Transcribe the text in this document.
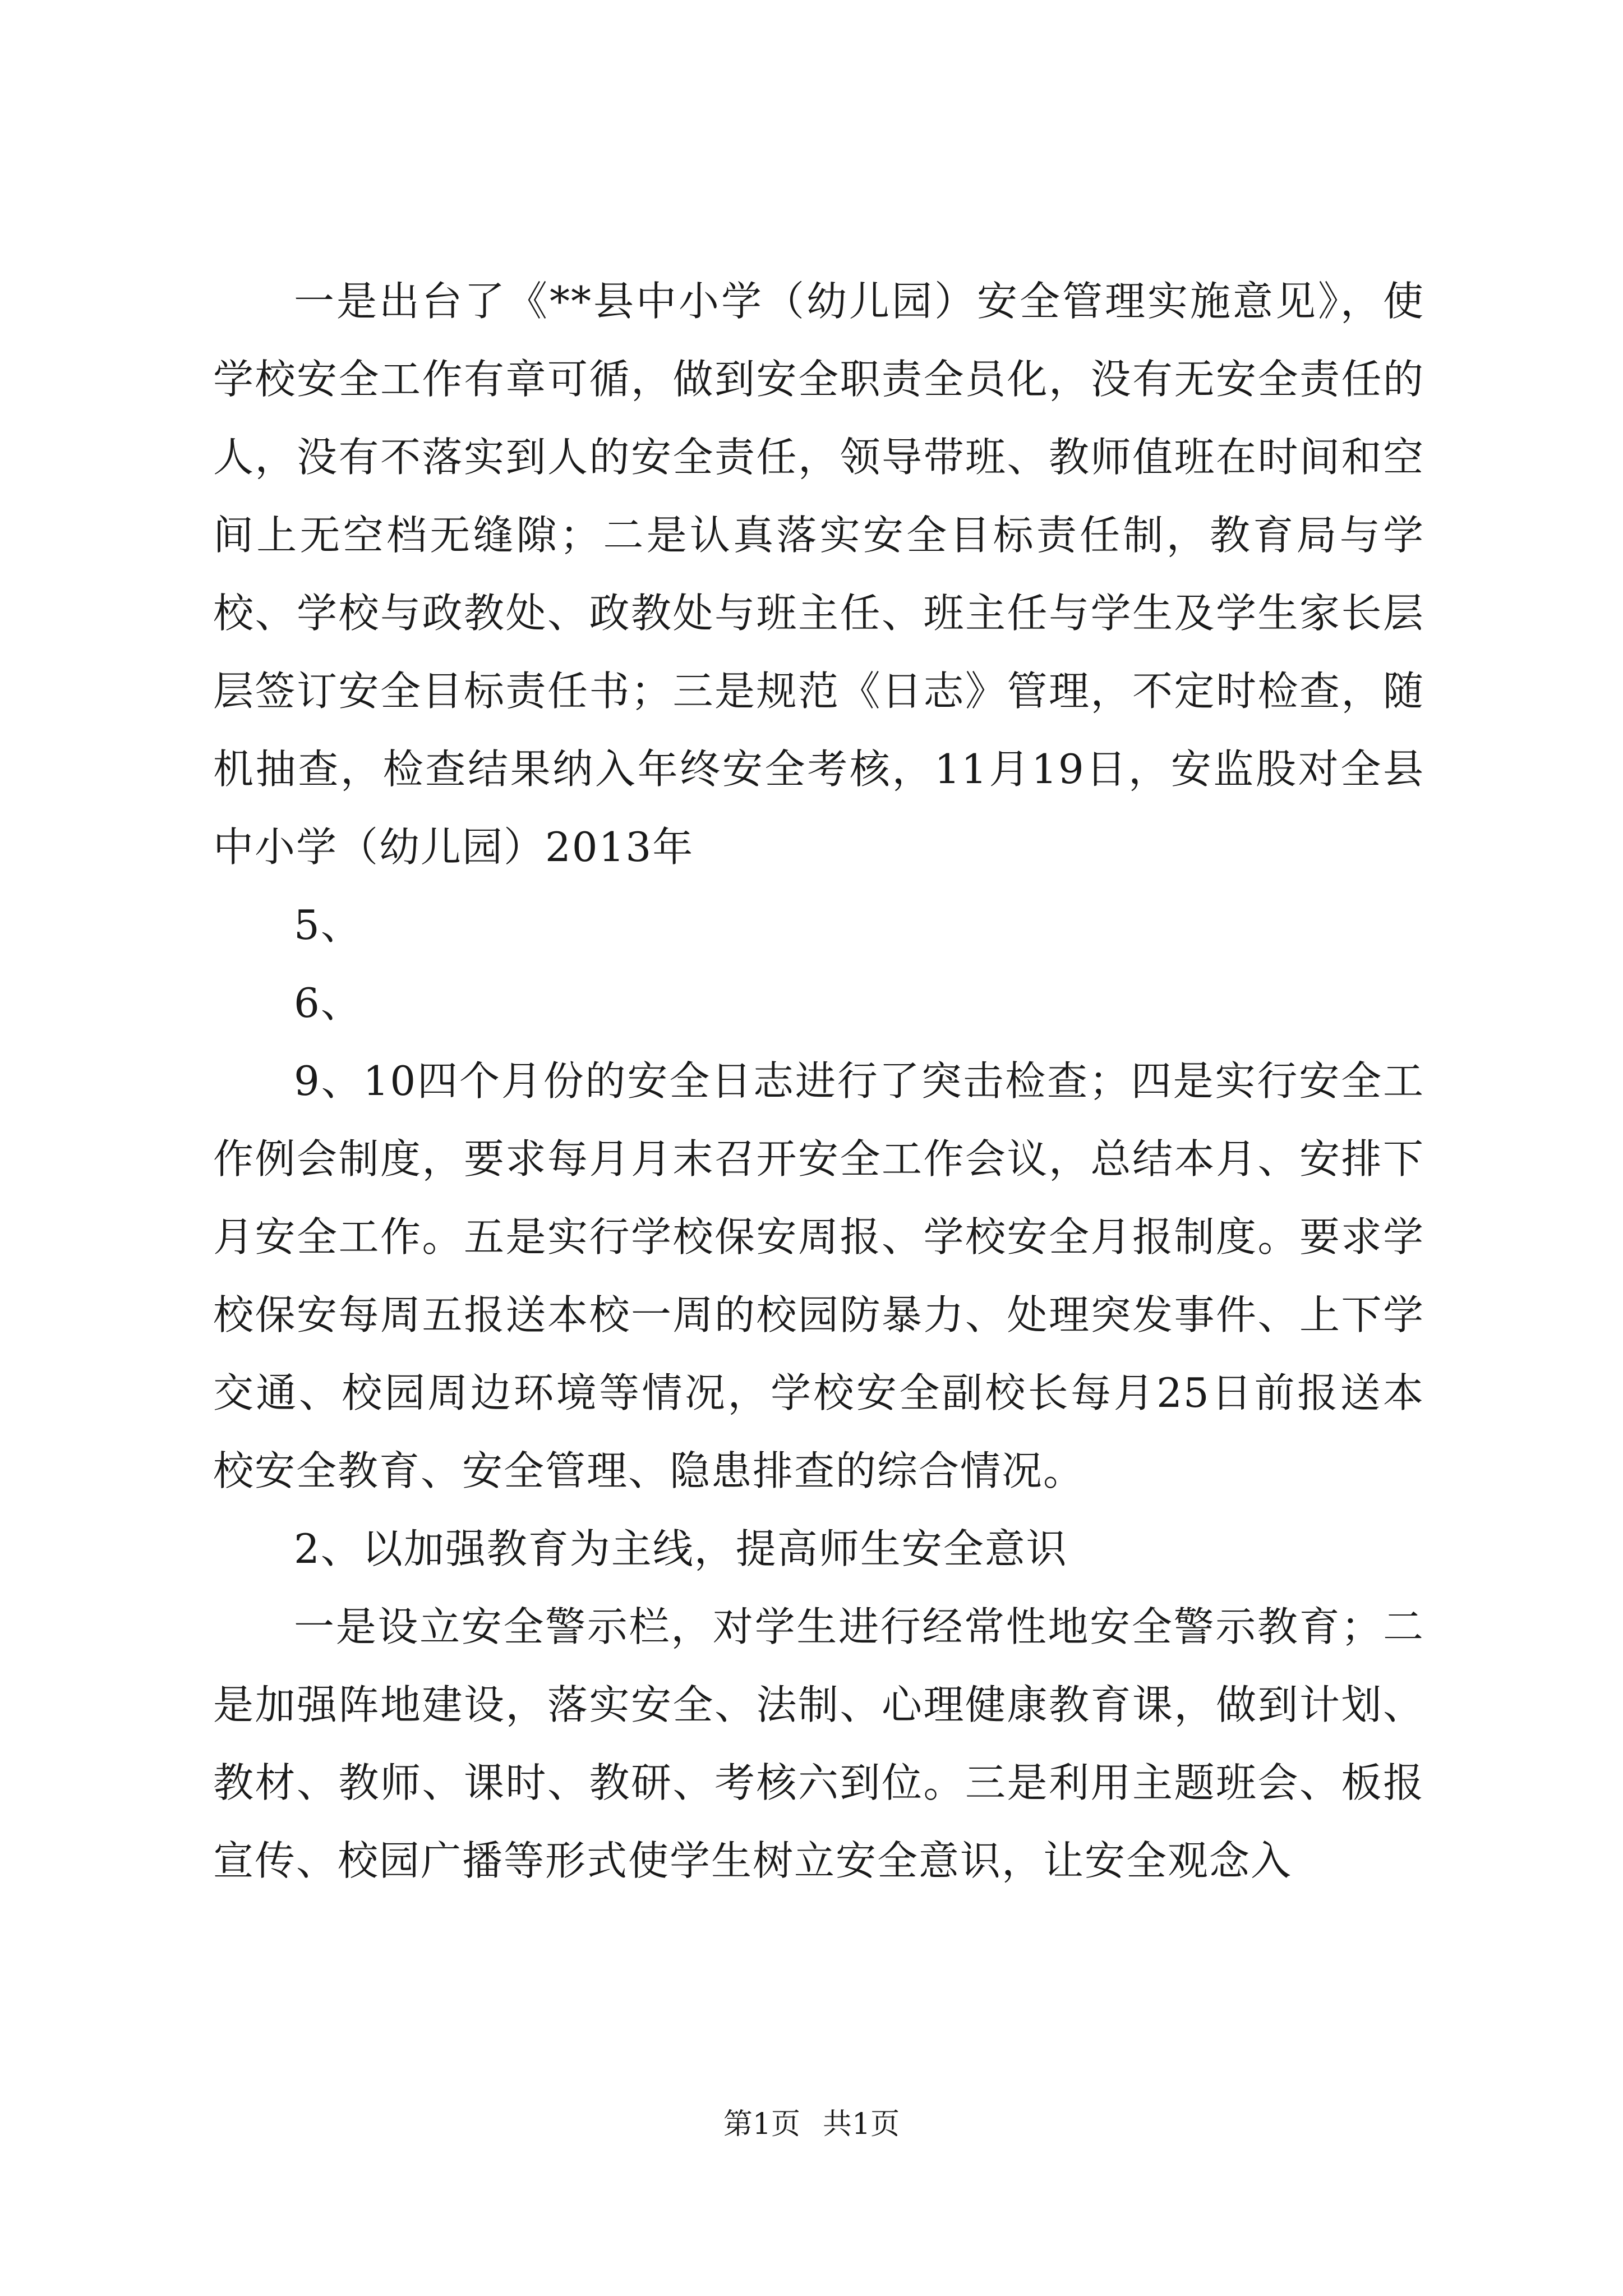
一是出台了《**县中小学（幼儿园）安全管理实施意见》，使学校安全工作有章可循，做到安全职责全员化，没有无安全责任的人，没有不落实到人的安全责任，领导带班、教师值班在时间和空间上无空档无缝隙；二是认真落实安全目标责任制，教育局与学校、学校与政教处、政教处与班主任、班主任与学生及学生家长层层签订安全目标责任书；三是规范《日志》管理，不定时检查，随机抽查，检查结果纳入年终安全考核，11月19日，安监股对全县中小学（幼儿园）2013年

5、

6、

9、10四个月份的安全日志进行了突击检查；四是实行安全工作例会制度，要求每月月末召开安全工作会议，总结本月、安排下月安全工作。五是实行学校保安周报、学校安全月报制度。要求学校保安每周五报送本校一周的校园防暴力、处理突发事件、上下学交通、校园周边环境等情况，学校安全副校长每月25日前报送本校安全教育、安全管理、隐患排查的综合情况。

2、以加强教育为主线，提高师生安全意识

一是设立安全警示栏，对学生进行经常性地安全警示教育；二是加强阵地建设，落实安全、法制、心理健康教育课，做到计划、教材、教师、课时、教研、考核六到位。三是利用主题班会、板报宣传、校园广播等形式使学生树立安全意识，让安全观念入

第1页 共1页
